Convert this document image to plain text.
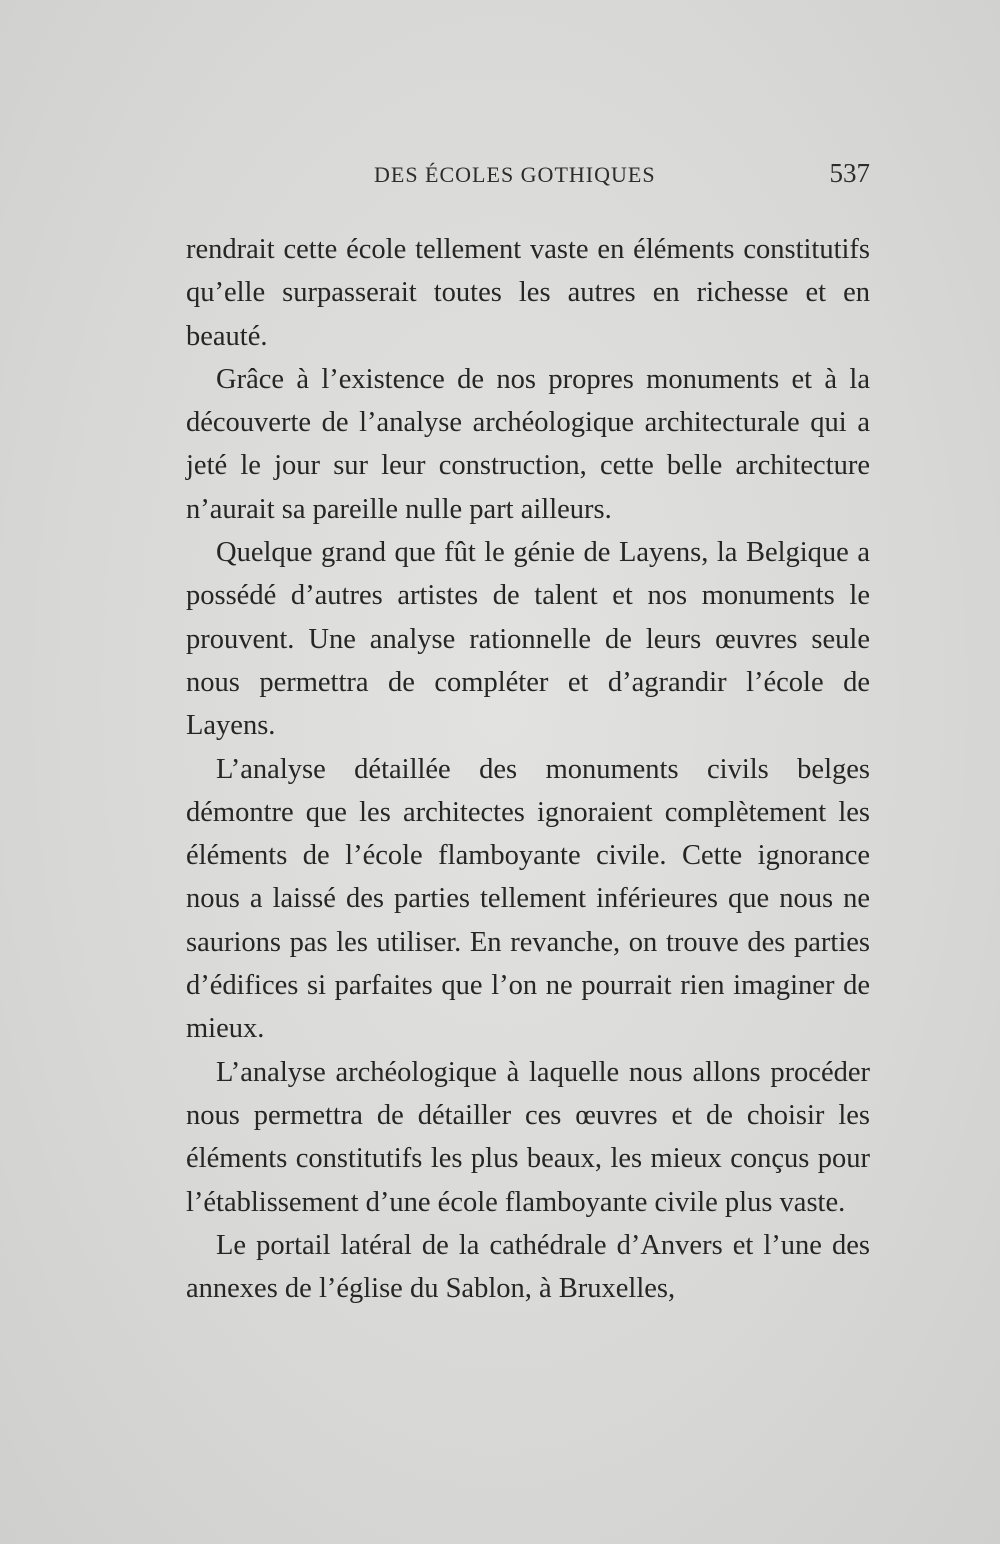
DES ÉCOLES GOTHIQUES	537

rendrait cette école tellement vaste en éléments constitutifs qu’elle surpasserait toutes les autres en richesse et en beauté.

Grâce à l’existence de nos propres monuments et à la découverte de l’analyse archéologique architecturale qui a jeté le jour sur leur construction, cette belle architecture n’aurait sa pareille nulle part ailleurs.

Quelque grand que fût le génie de Layens, la Belgique a possédé d’autres artistes de talent et nos monuments le prouvent. Une analyse rationnelle de leurs œuvres seule nous permettra de compléter et d’agrandir l’école de Layens.

L’analyse détaillée des monuments civils belges démontre que les architectes ignoraient complètement les éléments de l’école flamboyante civile. Cette ignorance nous a laissé des parties tellement inférieures que nous ne saurions pas les utiliser. En revanche, on trouve des parties d’édifices si parfaites que l’on ne pourrait rien imaginer de mieux.

L’analyse archéologique à laquelle nous allons procéder nous permettra de détailler ces œuvres et de choisir les éléments constitutifs les plus beaux, les mieux conçus pour l’établissement d’une école flamboyante civile plus vaste.

Le portail latéral de la cathédrale d’Anvers et l’une des annexes de l’église du Sablon, à Bruxelles,
